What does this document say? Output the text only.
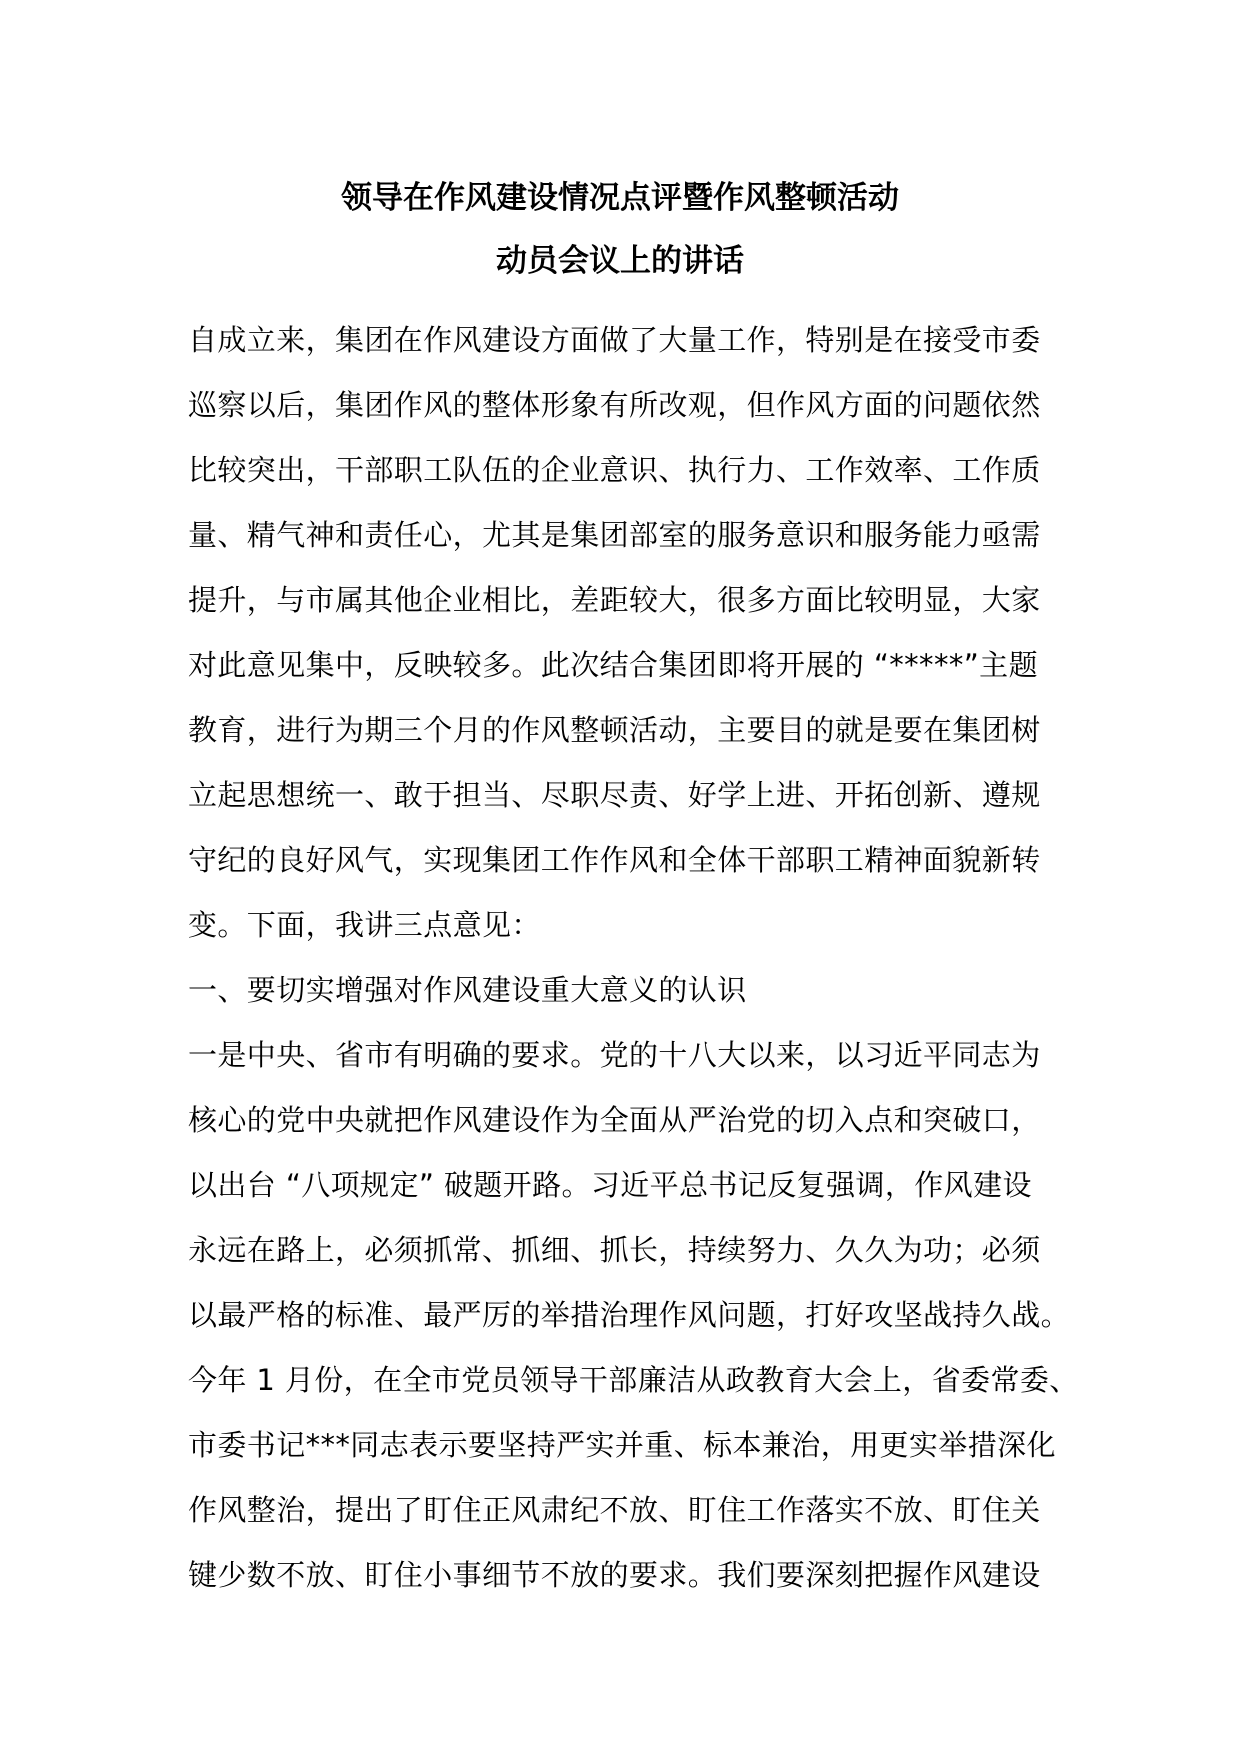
领导在作风建设情况点评暨作风整顿活动
动员会议上的讲话
自成立来，集团在作风建设方面做了大量工作，特别是在接受市委
巡察以后，集团作风的整体形象有所改观，但作风方面的问题依然
比较突出，干部职工队伍的企业意识、执行力、工作效率、工作质
量、精气神和责任心，尤其是集团部室的服务意识和服务能力亟需
提升，与市属其他企业相比，差距较大，很多方面比较明显，大家
对此意见集中，反映较多。此次结合集团即将开展的 “*****”主题
教育，进行为期三个月的作风整顿活动，主要目的就是要在集团树
立起思想统一、敢于担当、尽职尽责、好学上进、开拓创新、遵规
守纪的良好风气，实现集团工作作风和全体干部职工精神面貌新转
变。下面，我讲三点意见：
一、要切实增强对作风建设重大意义的认识
一是中央、省市有明确的要求。党的十八大以来，以习近平同志为
核心的党中央就把作风建设作为全面从严治党的切入点和突破口，
以出台 “八项规定” 破题开路。习近平总书记反复强调，作风建设
永远在路上，必须抓常、抓细、抓长，持续努力、久久为功；必须
以最严格的标准、最严厉的举措治理作风问题，打好攻坚战持久战。
今年 1 月份，在全市党员领导干部廉洁从政教育大会上，省委常委、
市委书记***同志表示要坚持严实并重、标本兼治，用更实举措深化
作风整治，提出了盯住正风肃纪不放、盯住工作落实不放、盯住关
键少数不放、盯住小事细节不放的要求。我们要深刻把握作风建设
